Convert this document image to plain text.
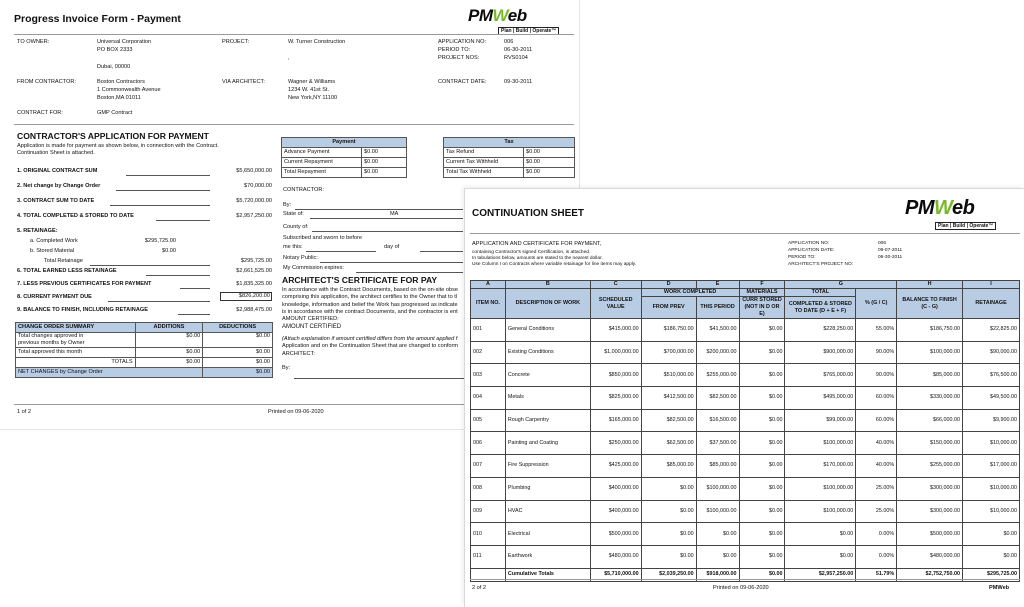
Progress Invoice Form - Payment	PMWeb
Plan | Build | Operate™
TO OWNER:	Universal Corporation
PO BOX 2333
Dubai, 00000
PROJECT:	W. Turner Construction
,
APPLICATION NO:	006
PERIOD TO:	06-30-2011
PROJECT NOS:	RVS0104
FROM CONTRACTOR:	Boston Contractors
1 Commonwealth Avenue
Boston,MA 01011
VIA ARCHITECT:	Wagner & Williams
1234 W. 41st St.
New York,NY 11100
CONTRACT DATE:	09-30-2011
CONTRACT FOR:	GMP Contract
CONTRACTOR'S APPLICATION FOR PAYMENT
Application is made for payment as shown below, in connection with the Contract.
Continuation Sheet is attached.
1. ORIGINAL CONTRACT SUM	$5,650,000.00
2. Net change by Change Order	$70,000.00
3. CONTRACT SUM TO DATE	$5,720,000.00
4. TOTAL COMPLETED & STORED TO DATE	$2,957,250.00
5. RETAINAGE:
a. Completed Work	$295,725.00
b. Stored Material	$0.00
Total Retainage	$295,725.00
6. TOTAL EARNED LESS RETAINAGE	$2,661,525.00
7. LESS PREVIOUS CERTIFICATES FOR PAYMENT	$1,835,325.00
8. CURRENT PAYMENT DUE	$826,200.00
9. BALANCE TO FINISH, INCLUDING RETAINAGE	$2,988,475.00
CHANGE ORDER SUMMARY	ADDITIONS	DEDUCTIONS
Total changes approved in	$0.00	$0.00
previous months by Owner		
Total approved this month	$0.00	$0.00
TOTALS	$0.00	$0.00
NET CHANGES by Change Order		$0.00
Payment	
Advance Payment	$0.00
Current Repayment	$0.00
Total Repayment	$0.00
Tax	
Tax Refund	$0.00
Current Tax Withheld	$0.00
Total Tax Withheld	$0.00
CONTRACTOR:
By:
State of:	MA
County of:
Subscribed and sworn to before
me this:	day of
Notary Public:
My Commission expires:
ARCHITECT'S CERTIFICATE FOR PAY
In accordance with the Contract Documents, based on the on-site obse
comprising this application, the architect certifies to the Owner that to tl
knowledge, information and belief the Work has progressed as indicate
is in accordance with the contract Documents, and the contractor is ent
AMOUNT CERTIFIED:
AMOUNT CERTIFIED
(Attach explanation if amount certified differs from the amount applied f
Application and on the Continuation Sheet that are changed to conform
ARCHITECT:
By:
1 of 2	Printed on 09-06-2020
CONTINUATION SHEET	PMWeb
Plan | Build | Operate™
APPLICATION AND CERTIFICATE FOR PAYMENT,
containing Contractor's signed Certification, is attached.
In tabulations below, amounts are stated to the nearest dollar.
Use Column I on Contracts where variable retainage for line items may apply.
APPLICATION NO:	006
APPLICATION DATE:	09-07-2011
PERIOD TO:	06-30-2011
ARCHITECT'S PROJECT NO:
A	B	C	D	E	F	G		H	I
ITEM NO.	DESCRIPTION OF WORK	SCHEDULED VALUE	WORK COMPLETED		MATERIALS	TOTAL	% (G / C)	BALANCE TO FINISH (C - G)	RETAINAGE
			FROM PREV	THIS PERIOD	CURR STORED (NOT IN D OR E)	COMPLETED & STORED TO DATE (D + E + F)			
001	General Conditions	$415,000.00	$186,750.00	$41,500.00	$0.00	$228,250.00	55.00%	$186,750.00	$22,825.00
002	Existing Conditions	$1,000,000.00	$700,000.00	$200,000.00	$0.00	$900,000.00	90.00%	$100,000.00	$90,000.00
003	Concrete	$850,000.00	$510,000.00	$255,000.00	$0.00	$765,000.00	90.00%	$85,000.00	$76,500.00
004	Metals	$825,000.00	$412,500.00	$82,500.00	$0.00	$495,000.00	60.00%	$330,000.00	$49,500.00
005	Rough Carpentry	$165,000.00	$82,500.00	$16,500.00	$0.00	$99,000.00	60.00%	$66,000.00	$9,900.00
006	Painting and Coating	$250,000.00	$62,500.00	$37,500.00	$0.00	$100,000.00	40.00%	$150,000.00	$10,000.00
007	Fire Suppression	$425,000.00	$85,000.00	$85,000.00	$0.00	$170,000.00	40.00%	$255,000.00	$17,000.00
008	Plumbing	$400,000.00	$0.00	$100,000.00	$0.00	$100,000.00	25.00%	$300,000.00	$10,000.00
009	HVAC	$400,000.00	$0.00	$100,000.00	$0.00	$100,000.00	25.00%	$300,000.00	$10,000.00
010	Electrical	$500,000.00	$0.00	$0.00	$0.00	$0.00	0.00%	$500,000.00	$0.00
011	Earthwork	$480,000.00	$0.00	$0.00	$0.00	$0.00	0.00%	$480,000.00	$0.00
	Cumulative Totals	$5,710,000.00	$2,039,250.00	$918,000.00	$0.00	$2,957,250.00	51.79%	$2,752,750.00	$295,725.00
2 of 2	Printed on 09-06-2020	PMWeb
